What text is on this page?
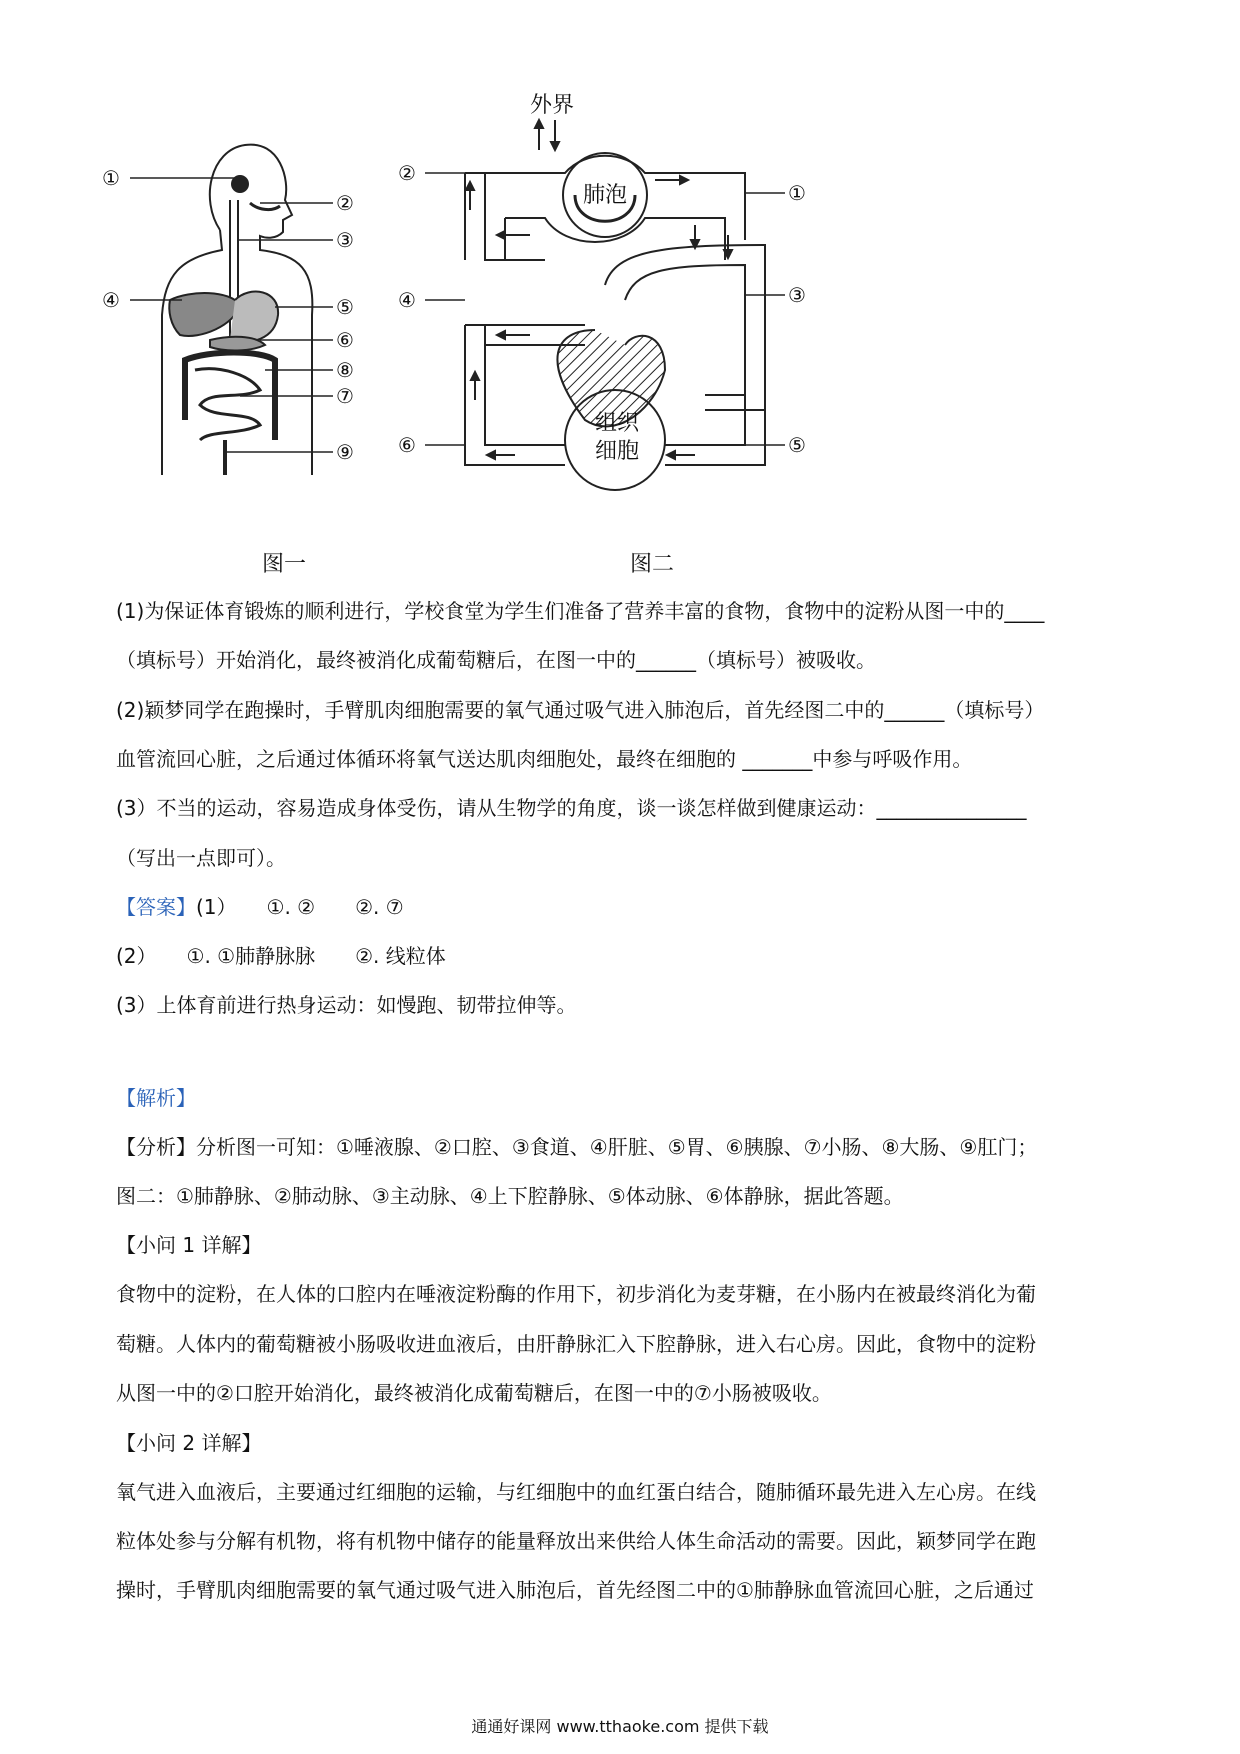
①
②
③
④	⑤
⑥
⑧
⑦
⑨
图一
外界
肺泡
组织
细胞
②
①
④	③
⑥	⑤
图二
(1)为保证体育锻炼的顺利进行，学校食堂为学生们准备了营养丰富的食物，食物中的淀粉从图一中的____
（填标号）开始消化，最终被消化成葡萄糖后，在图一中的______（填标号）被吸收。
(2)颖梦同学在跑操时，手臂肌肉细胞需要的氧气通过吸气进入肺泡后，首先经图二中的______（填标号）
血管流回心脏，之后通过体循环将氧气送达肌肉细胞处，最终在细胞的 _______中参与呼吸作用。
(3）不当的运动，容易造成身体受伤，请从生物学的角度，谈一谈怎样做到健康运动：_______________
（写出一点即可）。
【答案】(1）　　①. ②　　②. ⑦
(2）　　①. ①肺静脉脉　　②. 线粒体
(3）上体育前进行热身运动：如慢跑、韧带拉伸等。
【解析】
【分析】分析图一可知：①唾液腺、②口腔、③食道、④肝脏、⑤胃、⑥胰腺、⑦小肠、⑧大肠、⑨肛门；
图二：①肺静脉、②肺动脉、③主动脉、④上下腔静脉、⑤体动脉、⑥体静脉，据此答题。
【小问 1 详解】
食物中的淀粉，在人体的口腔内在唾液淀粉酶的作用下，初步消化为麦芽糖，在小肠内在被最终消化为葡
萄糖。人体内的葡萄糖被小肠吸收进血液后，由肝静脉汇入下腔静脉，进入右心房。因此，食物中的淀粉
从图一中的②口腔开始消化，最终被消化成葡萄糖后，在图一中的⑦小肠被吸收。
【小问 2 详解】
氧气进入血液后，主要通过红细胞的运输，与红细胞中的血红蛋白结合，随肺循环最先进入左心房。在线
粒体处参与分解有机物，将有机物中储存的能量释放出来供给人体生命活动的需要。因此，颖梦同学在跑
操时，手臂肌肉细胞需要的氧气通过吸气进入肺泡后，首先经图二中的①肺静脉血管流回心脏，之后通过
通通好课网 www.tthaoke.com 提供下载
